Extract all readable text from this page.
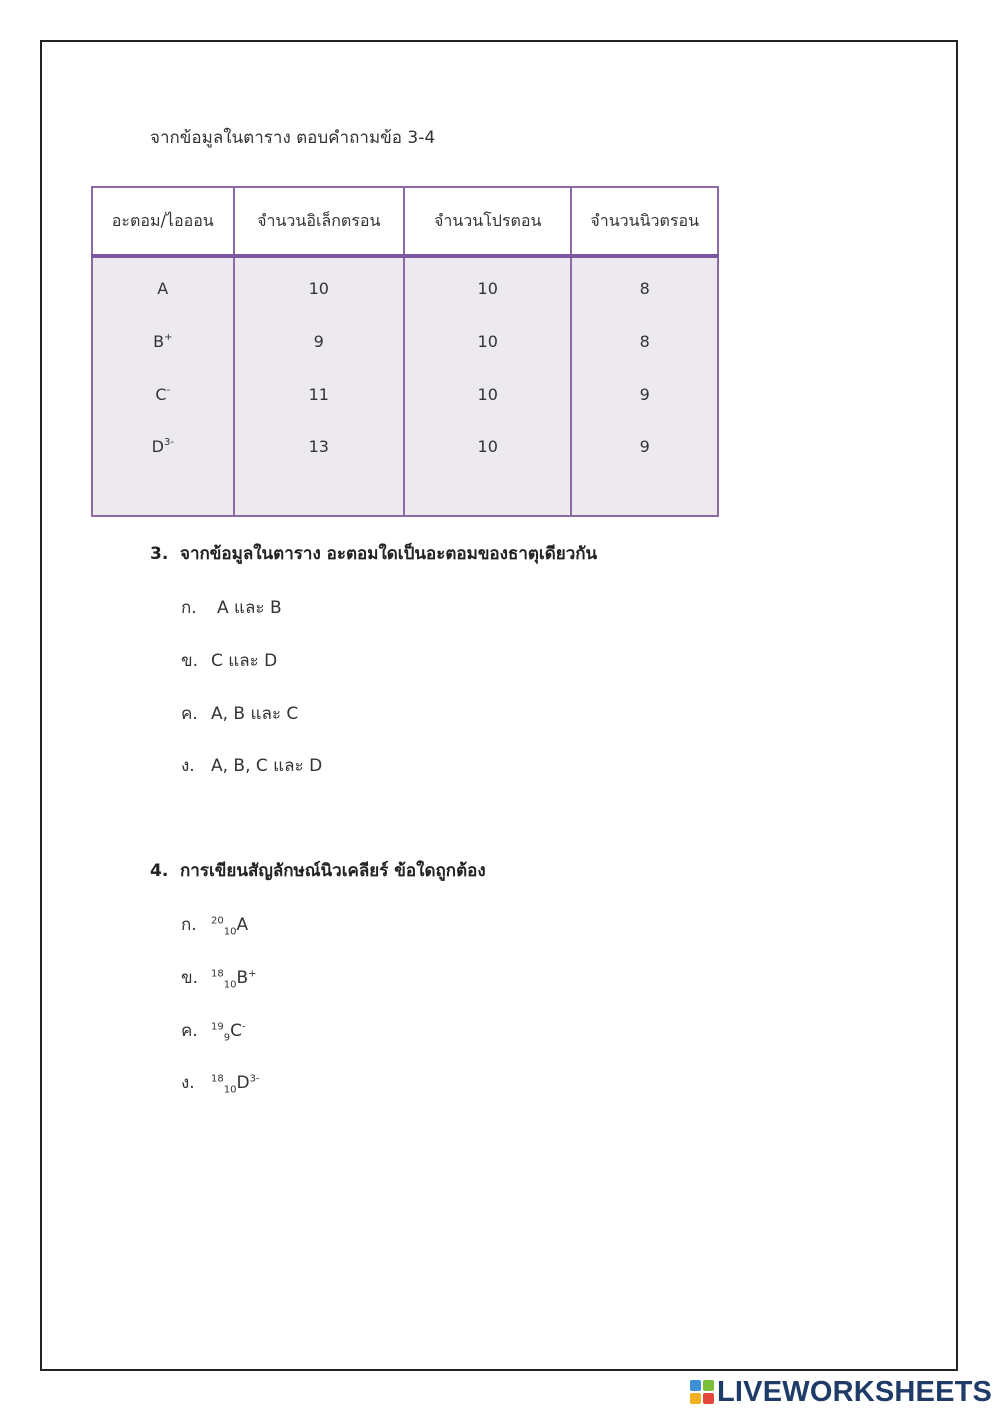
จากข้อมูลในตาราง ตอบคำถามข้อ 3-4
อะตอม/ไอออน	จำนวนอิเล็กตรอน	จำนวนโปรตอน	จำนวนนิวตรอน
A	10	10	8
B+	9	10	8
C-	11	10	9
$D^{3-}$	13	10	9
3. จากข้อมูลในตาราง อะตอมใดเป็นอะตอมของธาตุเดียวกัน
ก. A และ B
ข. C และ D
ค. A, B และ C
ง. A, B, C และ D
4. การเขียนสัญลักษณ์นิวเคลียร์ ข้อใดถูกต้อง
ก. $^{20}_{10}$A
ข. $^{18}_{10}$B+
ค. $^{19}_9$C-
ง. $^{18}_{10}D^{3-}$
LIVEWORKSHEETS
